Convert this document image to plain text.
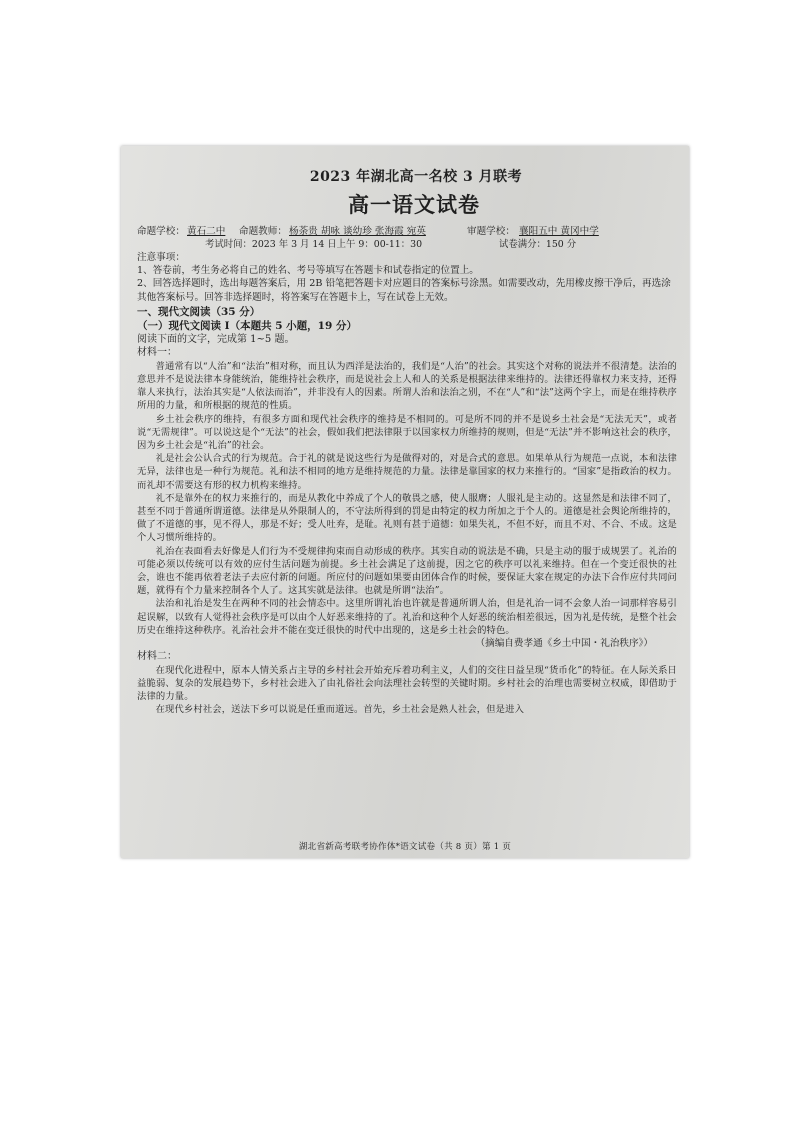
2023 年湖北高一名校 3 月联考
高一语文试卷
命题学校： 黄石二中 命题教师： 杨荼贵 胡咏 谈幼珍 张海霞 宛英	审题学校： 襄阳五中 黄冈中学
考试时间：2023 年 3 月 14 日上午 9：00-11：30	试卷满分：150 分
注意事项：
1、答卷前，考生务必将自己的姓名、考号等填写在答题卡和试卷指定的位置上。
2、回答选择题时，选出每题答案后，用 2B 铅笔把答题卡对应题目的答案标号涂黑。如需要改动，先用橡皮擦干净后，再选涂其他答案标号。回答非选择题时，将答案写在答题卡上，写在试卷上无效。
一、现代文阅读（35 分）
（一）现代文阅读 I（本题共 5 小题，19 分）
阅读下面的文字，完成第 1~5 题。
材料一：

普通常有以“人治”和“法治”相对称，而且认为西洋是法治的，我们是“人治”的社会。其实这个对称的说法并不很清楚。法治的意思并不是说法律本身能统治，能维持社会秩序，而是说社会上人和人的关系是根据法律来维持的。法律还得靠权力来支持，还得靠人来执行，法治其实是“人依法而治”，并非没有人的因素。所谓人治和法治之别，不在“人”和“法”这两个字上，而是在维持秩序所用的力量，和所根据的规范的性质。

乡土社会秩序的维持，有很多方面和现代社会秩序的维持是不相同的。可是所不同的并不是说乡土社会是“无法无天”，或者说“无需规律”。可以说这是个“无法”的社会，假如我们把法律限于以国家权力所维持的规则，但是“无法”并不影响这社会的秩序，因为乡土社会是“礼治”的社会。

礼是社会公认合式的行为规范。合于礼的就是说这些行为是做得对的，对是合式的意思。如果单从行为规范一点说，本和法律无异，法律也是一种行为规范。礼和法不相同的地方是维持规范的力量。法律是靠国家的权力来推行的。“国家”是指政治的权力。而礼却不需要这有形的权力机构来维持。

礼不是靠外在的权力来推行的，而是从教化中养成了个人的敬畏之感，使人服膺；人服礼是主动的。这显然是和法律不同了，甚至不同于普通所谓道德。法律是从外限制人的，不守法所得到的罚是由特定的权力所加之于个人的。道德是社会舆论所维持的，做了不道德的事，见不得人，那是不好；受人吐弃，是耻。礼则有甚于道德：如果失礼，不但不好，而且不对、不合、不成。这是个人习惯所维持的。

礼治在表面看去好像是人们行为不受规律拘束而自动形成的秩序。其实自动的说法是不确，只是主动的服于成规罢了。礼治的可能必须以传统可以有效的应付生活问题为前提。乡土社会满足了这前提，因之它的秩序可以礼来维持。但在一个变迁很快的社会，谁也不能再依着老法子去应付新的问题。所应付的问题如果要由团体合作的时候，要保证大家在规定的办法下合作应付共同问题，就得有个力量来控制各个人了。这其实就是法律。也就是所谓“法治”。

法治和礼治是发生在两种不同的社会情态中。这里所谓礼治也许就是普通所谓人治，但是礼治一词不会象人治一词那样容易引起误解，以致有人觉得社会秩序是可以由个人好恶来维持的了。礼治和这种个人好恶的统治相差很远，因为礼是传统，是整个社会历史在维持这种秩序。礼治社会并不能在变迁很快的时代中出现的，这是乡土社会的特色。

（摘编自费孝通《乡土中国・礼治秩序》）
材料二：

在现代化进程中，原本人情关系占主导的乡村社会开始充斥着功利主义，人们的交往日益呈现“货币化”的特征。在人际关系日益脆弱、复杂的发展趋势下，乡村社会进入了由礼俗社会向法理社会转型的关键时期。乡村社会的治理也需要树立权威，即借助于法律的力量。

在现代乡村社会，送法下乡可以说是任重而道远。首先，乡土社会是熟人社会，但是进入

湖北省新高考联考协作体*语文试卷（共 8 页）第 1 页
